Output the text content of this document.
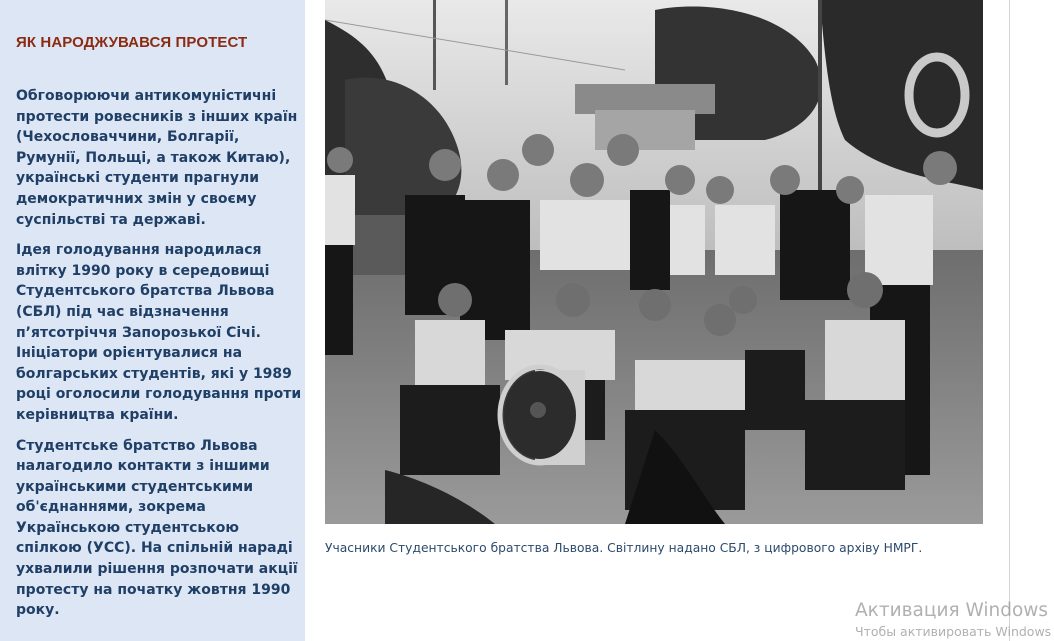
ЯК НАРОДЖУВАВСЯ ПРОТЕСТ

Обговорюючи антикомуністичні протести ровесників з інших країн (Чехословаччини, Болгарії, Румунії, Польщі, а також Китаю), українські студенти прагнули демократичних змін у своєму суспільстві та державі.

Ідея голодування народилася влітку 1990 року в середовищі Студентського братства Львова (СБЛ) під час відзначення п’ятсотріччя Запорозької Січі. Ініціатори орієнтувалися на болгарських студентів, які у 1989 році оголосили голодування проти керівництва країни.

Студентське братство Львова налагодило контакти з іншими українськими студентськими об'єднаннями, зокрема Українською студентською спілкою (УСС). На спільній нараді ухвалили рішення розпочати акції протесту на початку жовтня 1990 року.

Учасники Студентського братства Львова. Світлину надано СБЛ, з цифрового архіву НМРГ.
Активация Windows
Чтобы активировать Windows
